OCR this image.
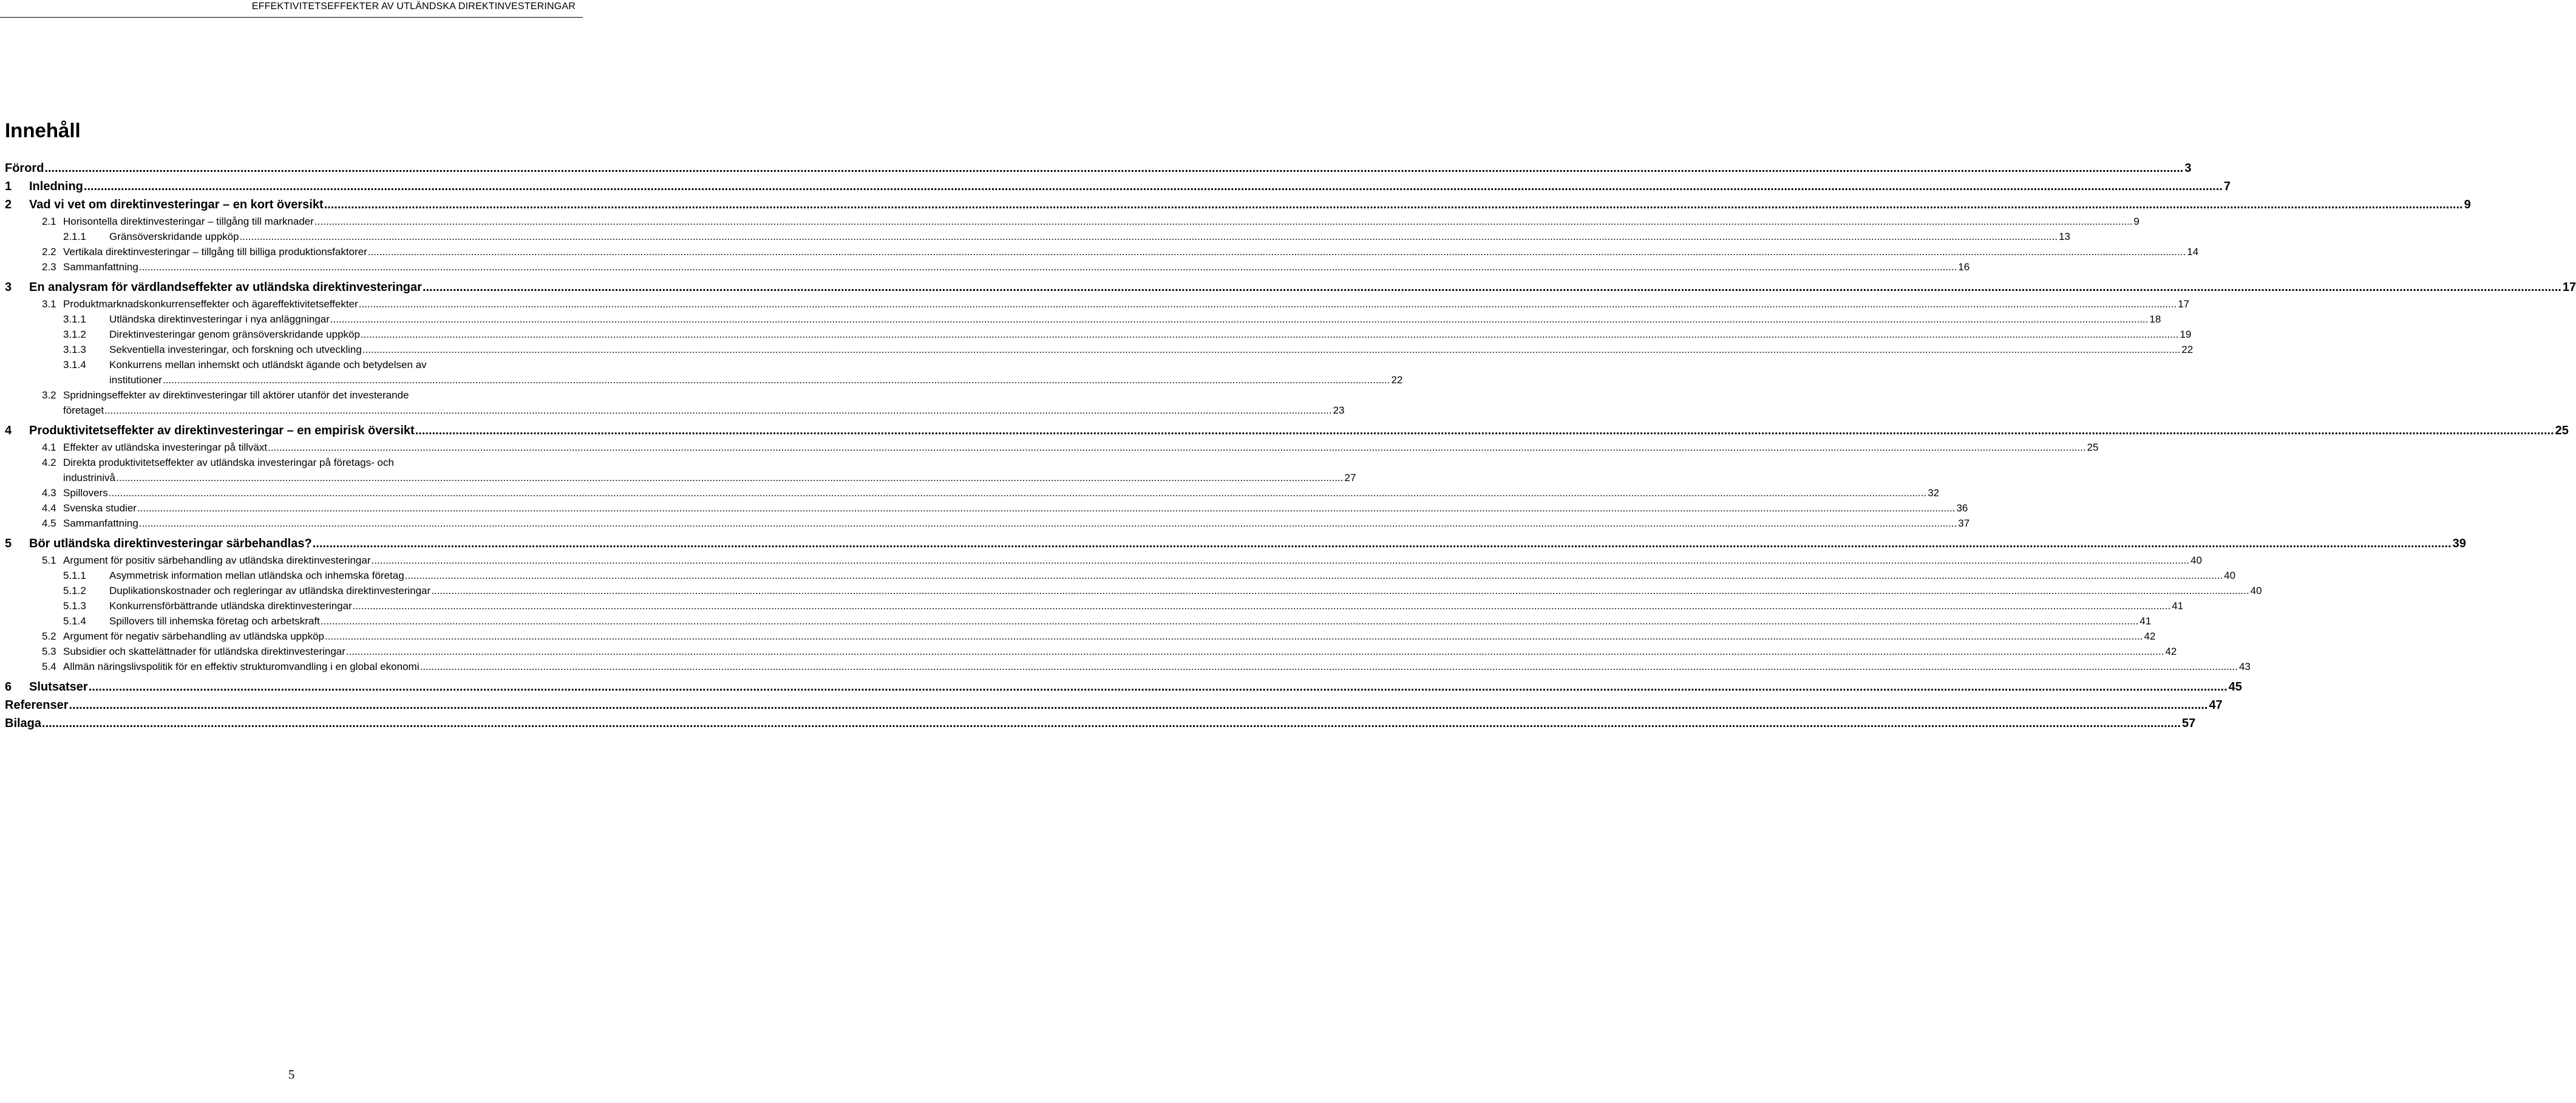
EFFEKTIVITETSEFFEKTER AV UTLÄNDSKA DIREKTINVESTERINGAR
Innehåll
Förord .....	3
1	Inledning .....	7
2	Vad vi vet om direktinvesteringar – en kort översikt .....	9
2.1 Horisontella direktinvesteringar – tillgång till marknader .....	9
2.1.1	Gränsöverskridande uppköp .....	13
2.2 Vertikala direktinvesteringar – tillgång till billiga produktionsfaktorer .....	14
2.3 Sammanfattning .....	16
3	En analysram för värdlandseffekter av utländska direktinvesteringar .....	17
3.1 Produktmarknadskonkurrenseffekter och ägareffektivitetseffekter .....	17
3.1.1	Utländska direktinvesteringar i nya anläggningar .....	18
3.1.2	Direktinvesteringar genom gränsöverskridande uppköp .....	19
3.1.3	Sekventiella investeringar, och forskning och utveckling .....	22
3.1.4	Konkurrens mellan inhemskt och utländskt ägande och betydelsen av
institutioner .....	22
3.2 Spridningseffekter av direktinvesteringar till aktörer utanför det investerande
företaget .....	23
4	Produktivitetseffekter av direktinvesteringar – en empirisk översikt .....	25
4.1 Effekter av utländska investeringar på tillväxt .....	25
4.2 Direkta produktivitetseffekter av utländska investeringar på företags- och
industrinivå .....	27
4.3 Spillovers .....	32
4.4 Svenska studier .....	36
4.5 Sammanfattning .....	37
5	Bör utländska direktinvesteringar särbehandlas? .....	39
5.1 Argument för positiv särbehandling av utländska direktinvesteringar .....	40
5.1.1	Asymmetrisk information mellan utländska och inhemska företag .....	40
5.1.2	Duplikationskostnader och regleringar av utländska direktinvesteringar .....	40
5.1.3	Konkurrensförbättrande utländska direktinvesteringar .....	41
5.1.4	Spillovers till inhemska företag och arbetskraft .....	41
5.2 Argument för negativ särbehandling av utländska uppköp .....	42
5.3 Subsidier och skattelättnader för utländska direktinvesteringar .....	42
5.4 Allmän näringslivspolitik för en effektiv strukturomvandling i en global ekonomi .....	43
6	Slutsatser .....	45
Referenser .....	47
Bilaga .....	57
5
